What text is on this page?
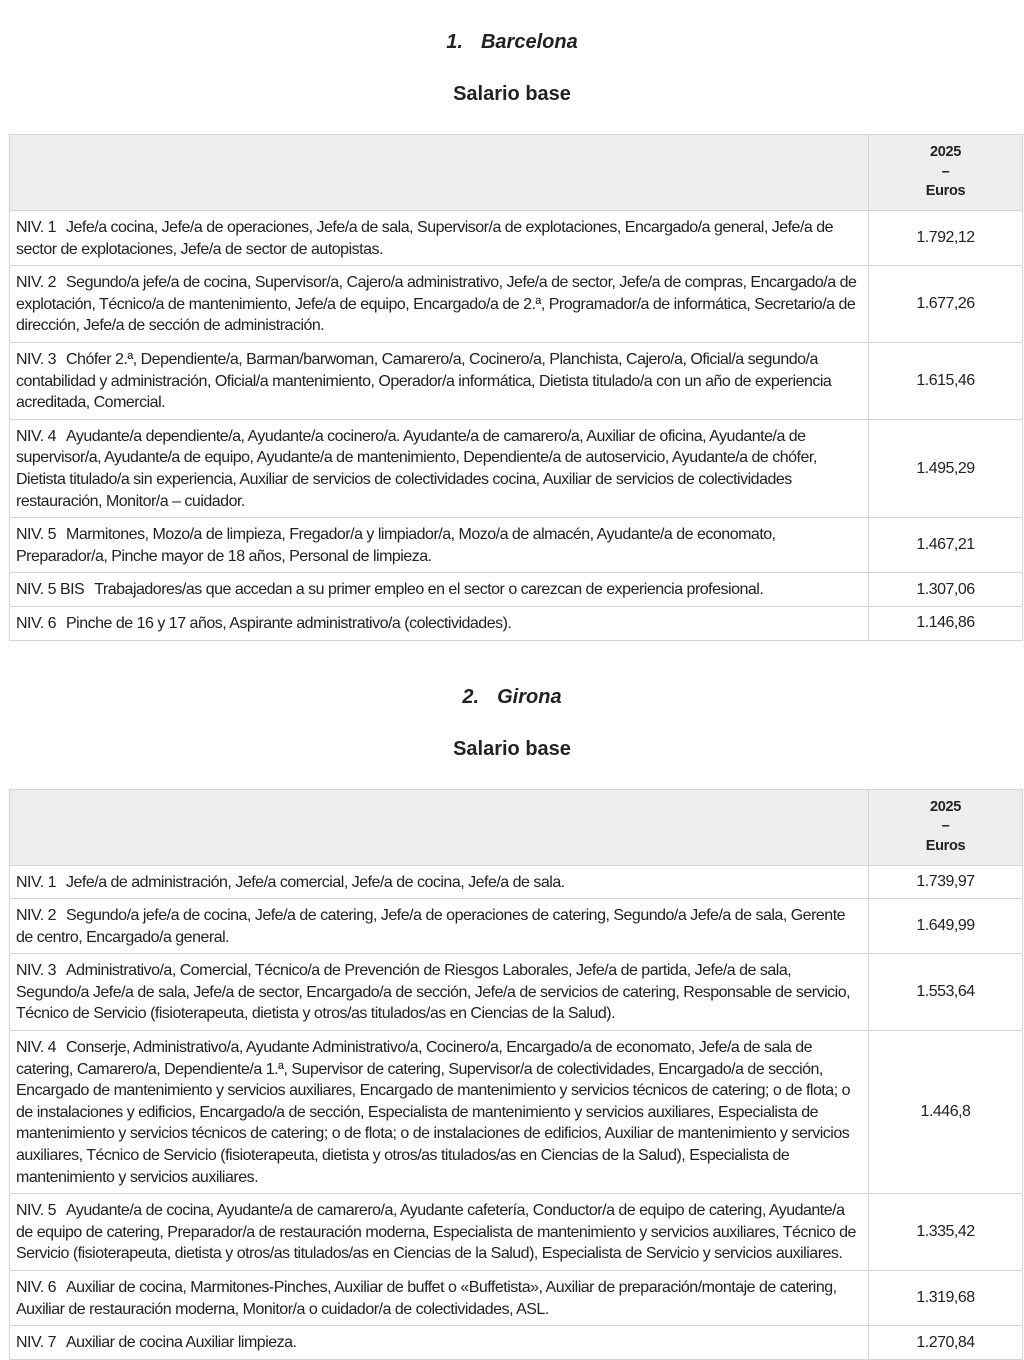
1. Barcelona
Salario base

	2025
–
Euros

NIV. 1 Jefe/a cocina, Jefe/a de operaciones, Jefe/a de sala, Supervisor/a de explotaciones, Encargado/a general, Jefe/a de sector de explotaciones, Jefe/a de sector de autopistas.	1.792,12
NIV. 2 Segundo/a jefe/a de cocina, Supervisor/a, Cajero/a administrativo, Jefe/a de sector, Jefe/a de compras, Encargado/a de explotación, Técnico/a de mantenimiento, Jefe/a de equipo, Encargado/a de 2.ª, Programador/a de informática, Secretario/a de dirección, Jefe/a de sección de administración.	1.677,26
NIV. 3 Chófer 2.ª, Dependiente/a, Barman/barwoman, Camarero/a, Cocinero/a, Planchista, Cajero/a, Oficial/a segundo/a contabilidad y administración, Oficial/a mantenimiento, Operador/a informática, Dietista titulado/a con un año de experiencia acreditada, Comercial.	1.615,46
NIV. 4 Ayudante/a dependiente/a, Ayudante/a cocinero/a. Ayudante/a de camarero/a, Auxiliar de oficina, Ayudante/a de supervisor/a, Ayudante/a de equipo, Ayudante/a de mantenimiento, Dependiente/a de autoservicio, Ayudante/a de chófer, Dietista titulado/a sin experiencia, Auxiliar de servicios de colectividades cocina, Auxiliar de servicios de colectividades restauración, Monitor/a – cuidador.	1.495,29
NIV. 5 Marmitones, Mozo/a de limpieza, Fregador/a y limpiador/a, Mozo/a de almacén, Ayudante/a de economato, Preparador/a, Pinche mayor de 18 años, Personal de limpieza.	1.467,21
NIV. 5 BIS Trabajadores/as que accedan a su primer empleo en el sector o carezcan de experiencia profesional.	1.307,06
NIV. 6 Pinche de 16 y 17 años, Aspirante administrativo/a (colectividades).	1.146,86
2. Girona
Salario base

	2025
–
Euros

NIV. 1 Jefe/a de administración, Jefe/a comercial, Jefe/a de cocina, Jefe/a de sala.	1.739,97
NIV. 2 Segundo/a jefe/a de cocina, Jefe/a de catering, Jefe/a de operaciones de catering, Segundo/a Jefe/a de sala, Gerente de centro, Encargado/a general.	1.649,99
NIV. 3 Administrativo/a, Comercial, Técnico/a de Prevención de Riesgos Laborales, Jefe/a de partida, Jefe/a de sala, Segundo/a Jefe/a de sala, Jefe/a de sector, Encargado/a de sección, Jefe/a de servicios de catering, Responsable de servicio, Técnico de Servicio (fisioterapeuta, dietista y otros/as titulados/as en Ciencias de la Salud).	1.553,64
NIV. 4 Conserje, Administrativo/a, Ayudante Administrativo/a, Cocinero/a, Encargado/a de economato, Jefe/a de sala de catering, Camarero/a, Dependiente/a 1.ª, Supervisor de catering, Supervisor/a de colectividades, Encargado/a de sección, Encargado de mantenimiento y servicios auxiliares, Encargado de mantenimiento y servicios técnicos de catering; o de flota; o de instalaciones y edificios, Encargado/a de sección, Especialista de mantenimiento y servicios auxiliares, Especialista de mantenimiento y servicios técnicos de catering; o de flota; o de instalaciones de edificios, Auxiliar de mantenimiento y servicios auxiliares, Técnico de Servicio (fisioterapeuta, dietista y otros/as titulados/as en Ciencias de la Salud), Especialista de mantenimiento y servicios auxiliares.	1.446,8
NIV. 5 Ayudante/a de cocina, Ayudante/a de camarero/a, Ayudante cafetería, Conductor/a de equipo de catering, Ayudante/a de equipo de catering, Preparador/a de restauración moderna, Especialista de mantenimiento y servicios auxiliares, Técnico de Servicio (fisioterapeuta, dietista y otros/as titulados/as en Ciencias de la Salud), Especialista de Servicio y servicios auxiliares.	1.335,42
NIV. 6 Auxiliar de cocina, Marmitones-Pinches, Auxiliar de buffet o «Buffetista», Auxiliar de preparación/montaje de catering, Auxiliar de restauración moderna, Monitor/a o cuidador/a de colectividades, ASL.	1.319,68
NIV. 7 Auxiliar de cocina Auxiliar limpieza.	1.270,84
